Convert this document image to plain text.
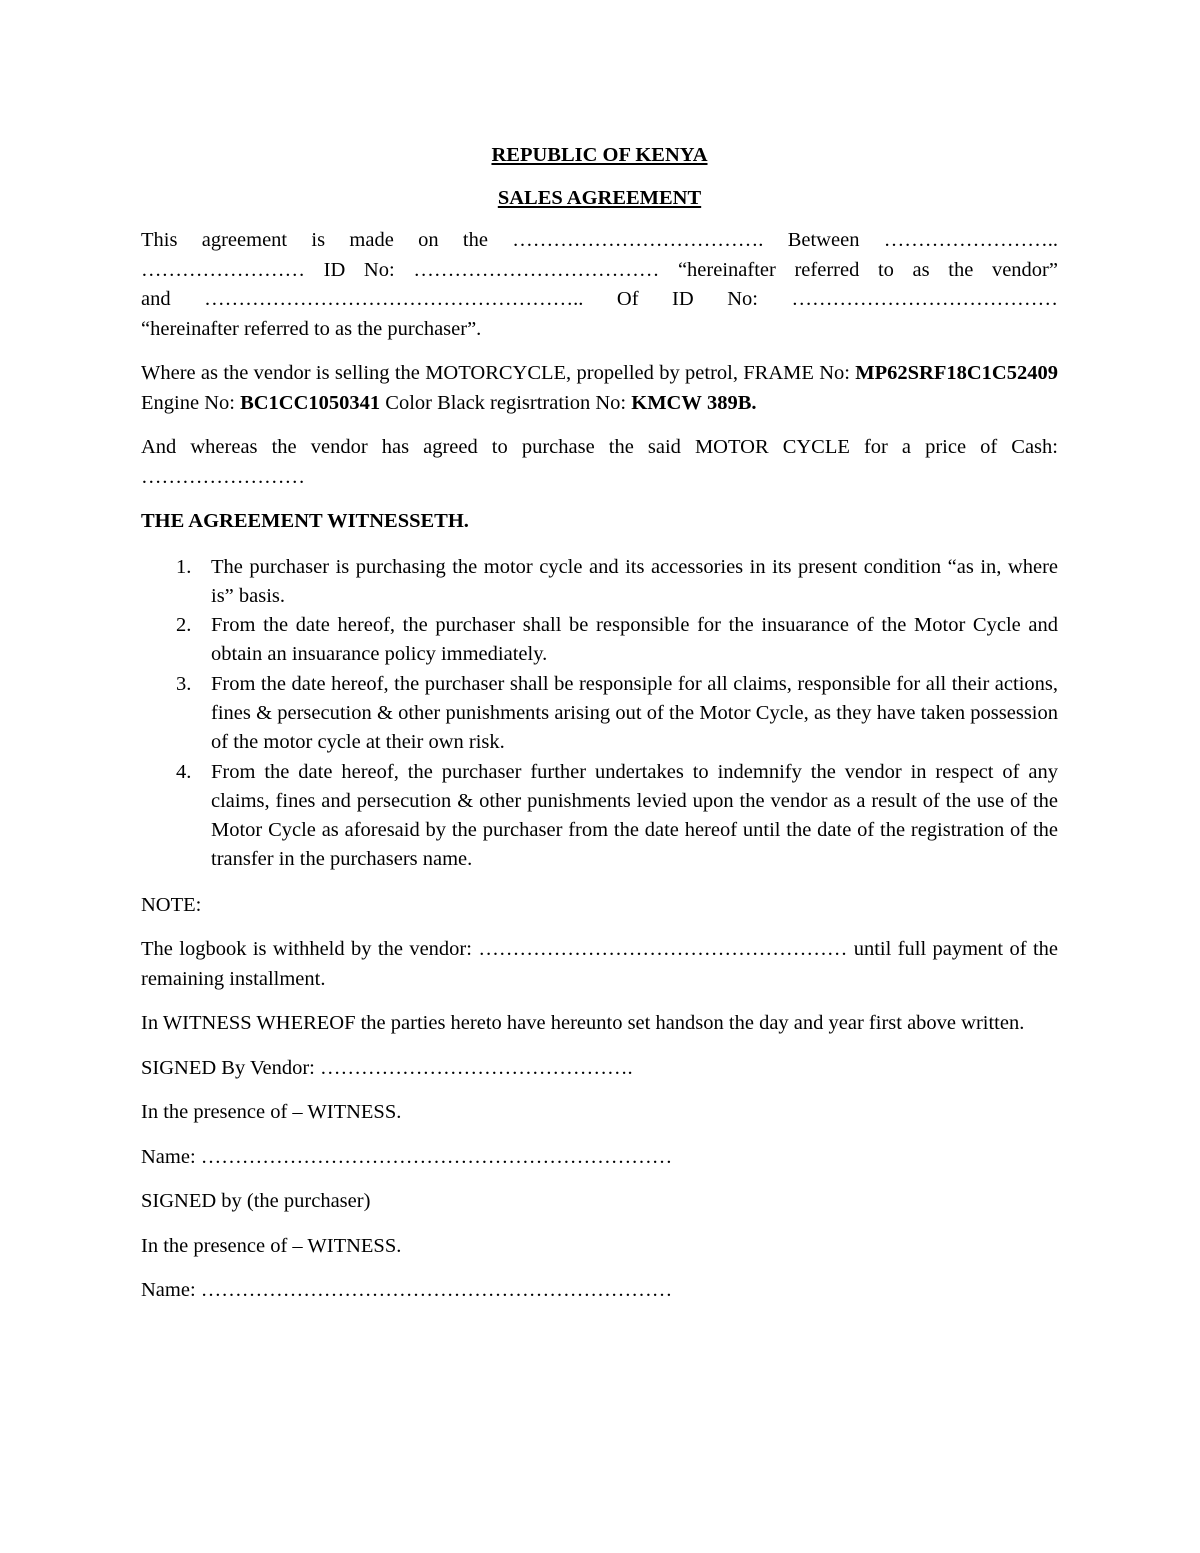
REPUBLIC OF KENYA

SALES AGREEMENT

This agreement is made on the ………………………………. Between ……………………..

…………………… ID No: ……………………………… “hereinafter referred to as the vendor”

and ……………………………………………….. Of ID No: …………………………………

“hereinafter referred to as the purchaser”.

Where as the vendor is selling the MOTORCYCLE, propelled by petrol, FRAME No: MP62SRF18C1C52409 Engine No: BC1CC1050341 Color Black regisrtration No: KMCW 389B.

And whereas the vendor has agreed to purchase the said MOTOR CYCLE for a price of Cash:

……………………

THE AGREEMENT WITNESSETH.

1. The purchaser is purchasing the motor cycle and its accessories in its present condition “as in, where is” basis.
2. From the date hereof, the purchaser shall be responsible for the insuarance of the Motor Cycle and obtain an insuarance policy immediately.
3. From the date hereof, the purchaser shall be responsiple for all claims, responsible for all their actions, fines & persecution & other punishments arising out of the Motor Cycle, as they have taken possession of the motor cycle at their own risk.
4. From the date hereof, the purchaser further undertakes to indemnify the vendor in respect of any claims, fines and persecution & other punishments levied upon the vendor as a result of the use of the Motor Cycle as aforesaid by the purchaser from the date hereof until the date of the registration of the transfer in the purchasers name.

NOTE:

The logbook is withheld by the vendor: ……………………………………………… until full payment of the remaining installment.

In WITNESS WHEREOF the parties hereto have hereunto set handson the day and year first above written.

SIGNED By Vendor: ……………………………………….

In the presence of – WITNESS.

Name: ……………………………………………………………

SIGNED by (the purchaser)

In the presence of – WITNESS.

Name: ……………………………………………………………
